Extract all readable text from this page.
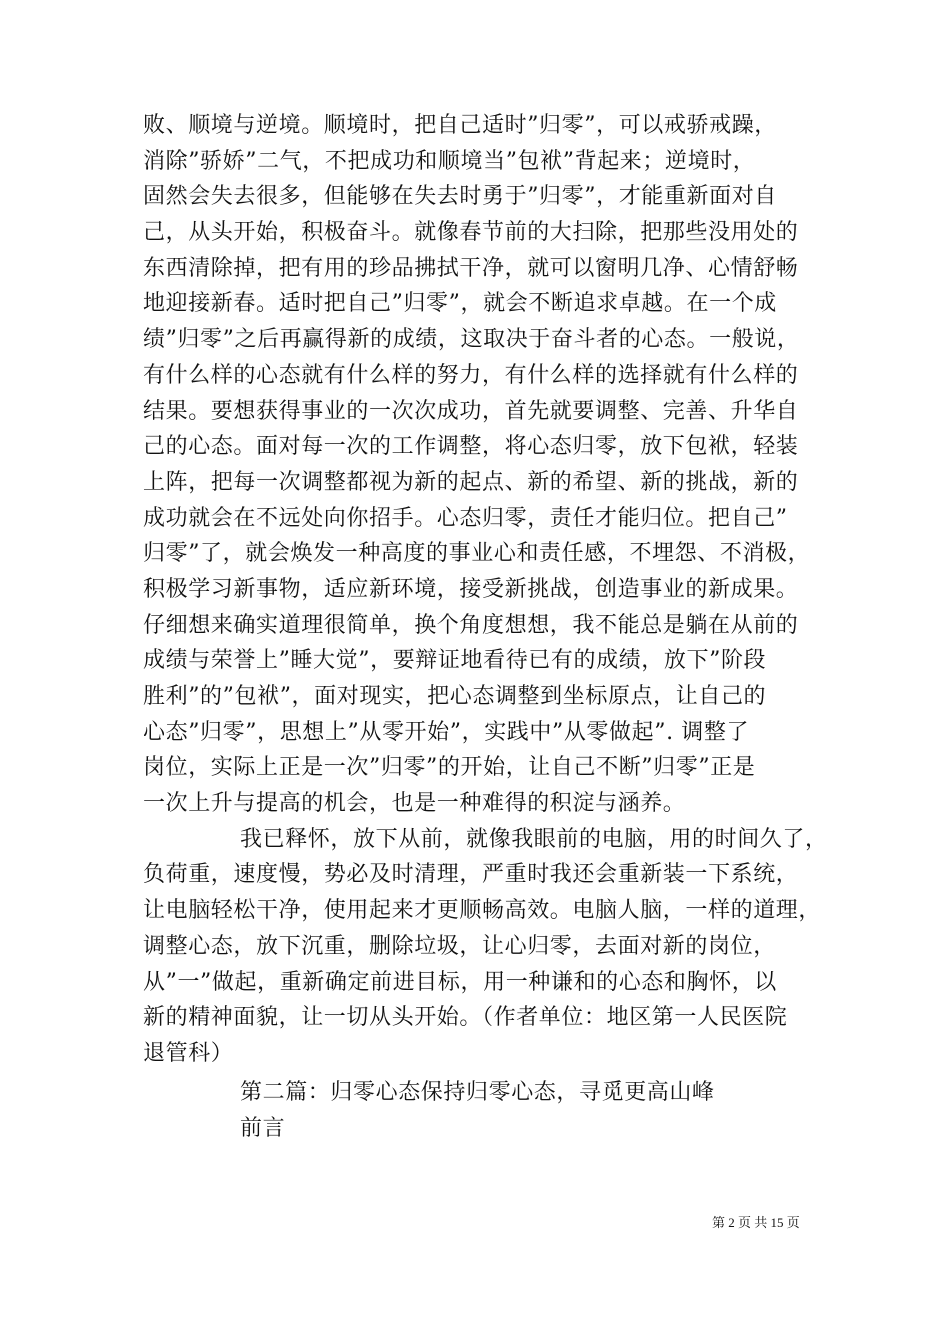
败、顺境与逆境。顺境时，把自己适时”归零”，可以戒骄戒躁，
消除”骄娇”二气，不把成功和顺境当”包袱”背起来；逆境时，
固然会失去很多，但能够在失去时勇于”归零”，才能重新面对自
己，从头开始，积极奋斗。就像春节前的大扫除，把那些没用处的
东西清除掉，把有用的珍品拂拭干净，就可以窗明几净、心情舒畅
地迎接新春。适时把自己”归零”，就会不断追求卓越。在一个成
绩”归零”之后再赢得新的成绩，这取决于奋斗者的心态。一般说，
有什么样的心态就有什么样的努力，有什么样的选择就有什么样的
结果。要想获得事业的一次次成功，首先就要调整、完善、升华自
己的心态。面对每一次的工作调整，将心态归零，放下包袱，轻装
上阵，把每一次调整都视为新的起点、新的希望、新的挑战，新的
成功就会在不远处向你招手。心态归零，责任才能归位。把自己”
归零”了，就会焕发一种高度的事业心和责任感，不埋怨、不消极，
积极学习新事物，适应新环境，接受新挑战，创造事业的新成果。
仔细想来确实道理很简单，换个角度想想，我不能总是躺在从前的
成绩与荣誉上”睡大觉”，要辩证地看待已有的成绩，放下”阶段
胜利”的”包袱”，面对现实，把心态调整到坐标原点，让自己的
心态”归零”，思想上”从零开始”，实践中”从零做起”. 调整了
岗位，实际上正是一次”归零”的开始，让自己不断”归零”正是
一次上升与提高的机会，也是一种难得的积淀与涵养。
我已释怀，放下从前，就像我眼前的电脑，用的时间久了，
负荷重，速度慢，势必及时清理，严重时我还会重新装一下系统，
让电脑轻松干净，使用起来才更顺畅高效。电脑人脑，一样的道理，
调整心态，放下沉重，删除垃圾，让心归零，去面对新的岗位，
从”一”做起，重新确定前进目标，用一种谦和的心态和胸怀，以
新的精神面貌，让一切从头开始。（作者单位：地区第一人民医院
退管科）
第二篇：归零心态保持归零心态，寻觅更高山峰
前言
第 2 页 共 15 页
